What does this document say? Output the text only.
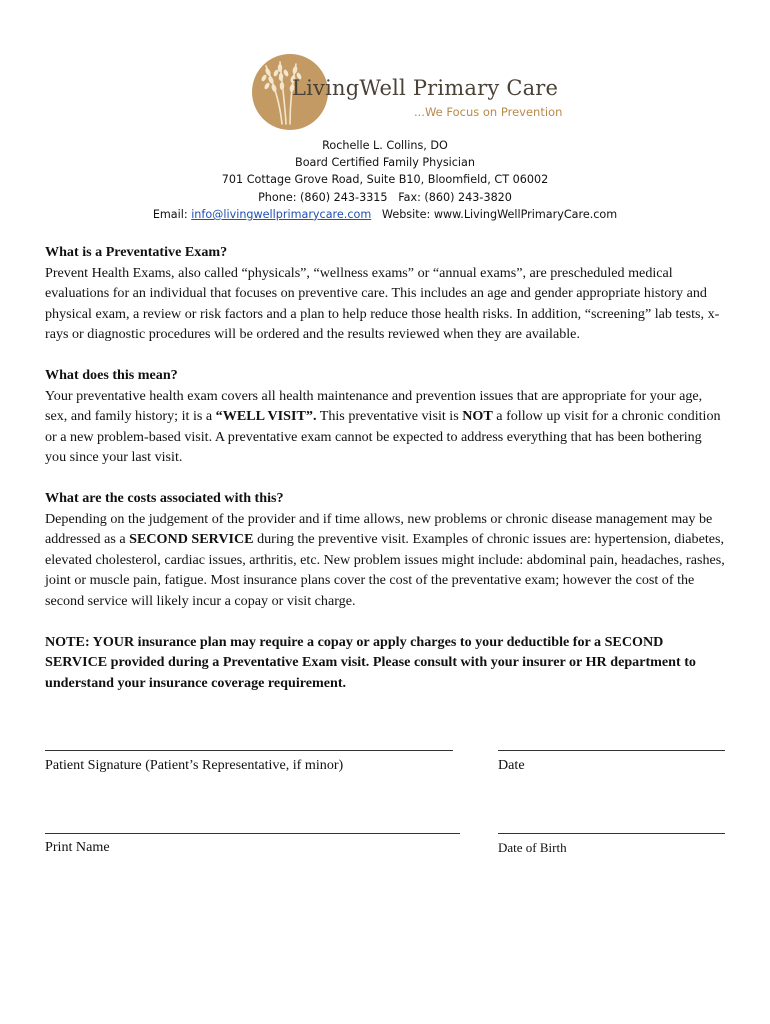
LivingWell Primary Care
...We Focus on Prevention
Rochelle L. Collins, DO
Board Certified Family Physician
701 Cottage Grove Road, Suite B10, Bloomfield, CT 06002
Phone: (860) 243-3315   Fax: (860) 243-3820
Email: info@livingwellprimarycare.com   Website: www.LivingWellPrimaryCare.com
What is a Preventative Exam?

Prevent Health Exams, also called “physicals”, “wellness exams” or “annual exams”, are prescheduled medical evaluations for an individual that focuses on preventive care. This includes an age and gender appropriate history and physical exam, a review or risk factors and a plan to help reduce those health risks. In addition, “screening” lab tests, x-rays or diagnostic procedures will be ordered and the results reviewed when they are available.

What does this mean?

Your preventative health exam covers all health maintenance and prevention issues that are appropriate for your age, sex, and family history; it is a “WELL VISIT”. This preventative visit is NOT a follow up visit for a chronic condition or a new problem-based visit. A preventative exam cannot be expected to address everything that has been bothering you since your last visit.

What are the costs associated with this?

Depending on the judgement of the provider and if time allows, new problems or chronic disease management may be addressed as a SECOND SERVICE during the preventive visit. Examples of chronic issues are: hypertension, diabetes, elevated cholesterol, cardiac issues, arthritis, etc. New problem issues might include: abdominal pain, headaches, rashes, joint or muscle pain, fatigue. Most insurance plans cover the cost of the preventative exam; however the cost of the second service will likely incur a copay or visit charge.

NOTE: YOUR insurance plan may require a copay or apply charges to your deductible for a SECOND SERVICE provided during a Preventative Exam visit. Please consult with your insurer or HR department to understand your insurance coverage requirement.

Patient Signature (Patient’s Representative, if minor)	Date
Print Name	Date of Birth
